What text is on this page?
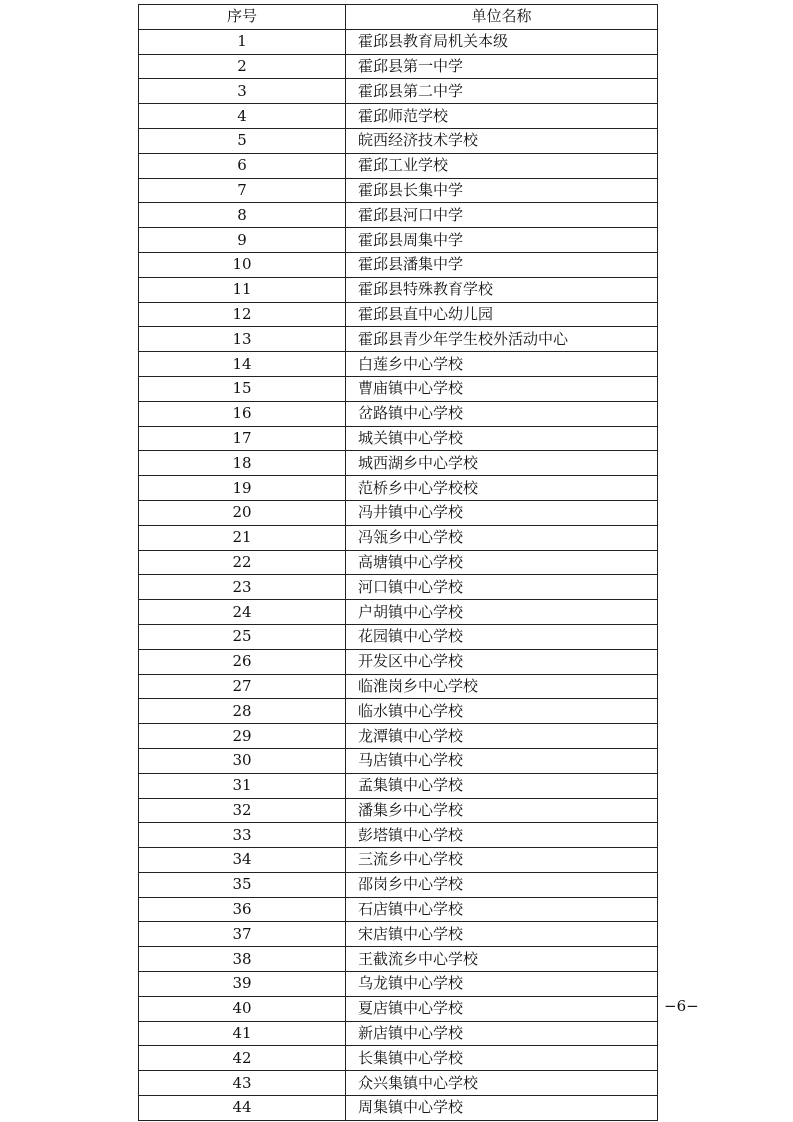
序号	单位名称
1	霍邱县教育局机关本级
2	霍邱县第一中学
3	霍邱县第二中学
4	霍邱师范学校
5	皖西经济技术学校
6	霍邱工业学校
7	霍邱县长集中学
8	霍邱县河口中学
9	霍邱县周集中学
10	霍邱县潘集中学
11	霍邱县特殊教育学校
12	霍邱县直中心幼儿园
13	霍邱县青少年学生校外活动中心
14	白莲乡中心学校
15	曹庙镇中心学校
16	岔路镇中心学校
17	城关镇中心学校
18	城西湖乡中心学校
19	范桥乡中心学校校
20	冯井镇中心学校
21	冯瓴乡中心学校
22	高塘镇中心学校
23	河口镇中心学校
24	户胡镇中心学校
25	花园镇中心学校
26	开发区中心学校
27	临淮岗乡中心学校
28	临水镇中心学校
29	龙潭镇中心学校
30	马店镇中心学校
31	孟集镇中心学校
32	潘集乡中心学校
33	彭塔镇中心学校
34	三流乡中心学校
35	邵岗乡中心学校
36	石店镇中心学校
37	宋店镇中心学校
38	王截流乡中心学校
39	乌龙镇中心学校
40	夏店镇中心学校
41	新店镇中心学校
42	长集镇中心学校
43	众兴集镇中心学校
44	周集镇中心学校
−6−
